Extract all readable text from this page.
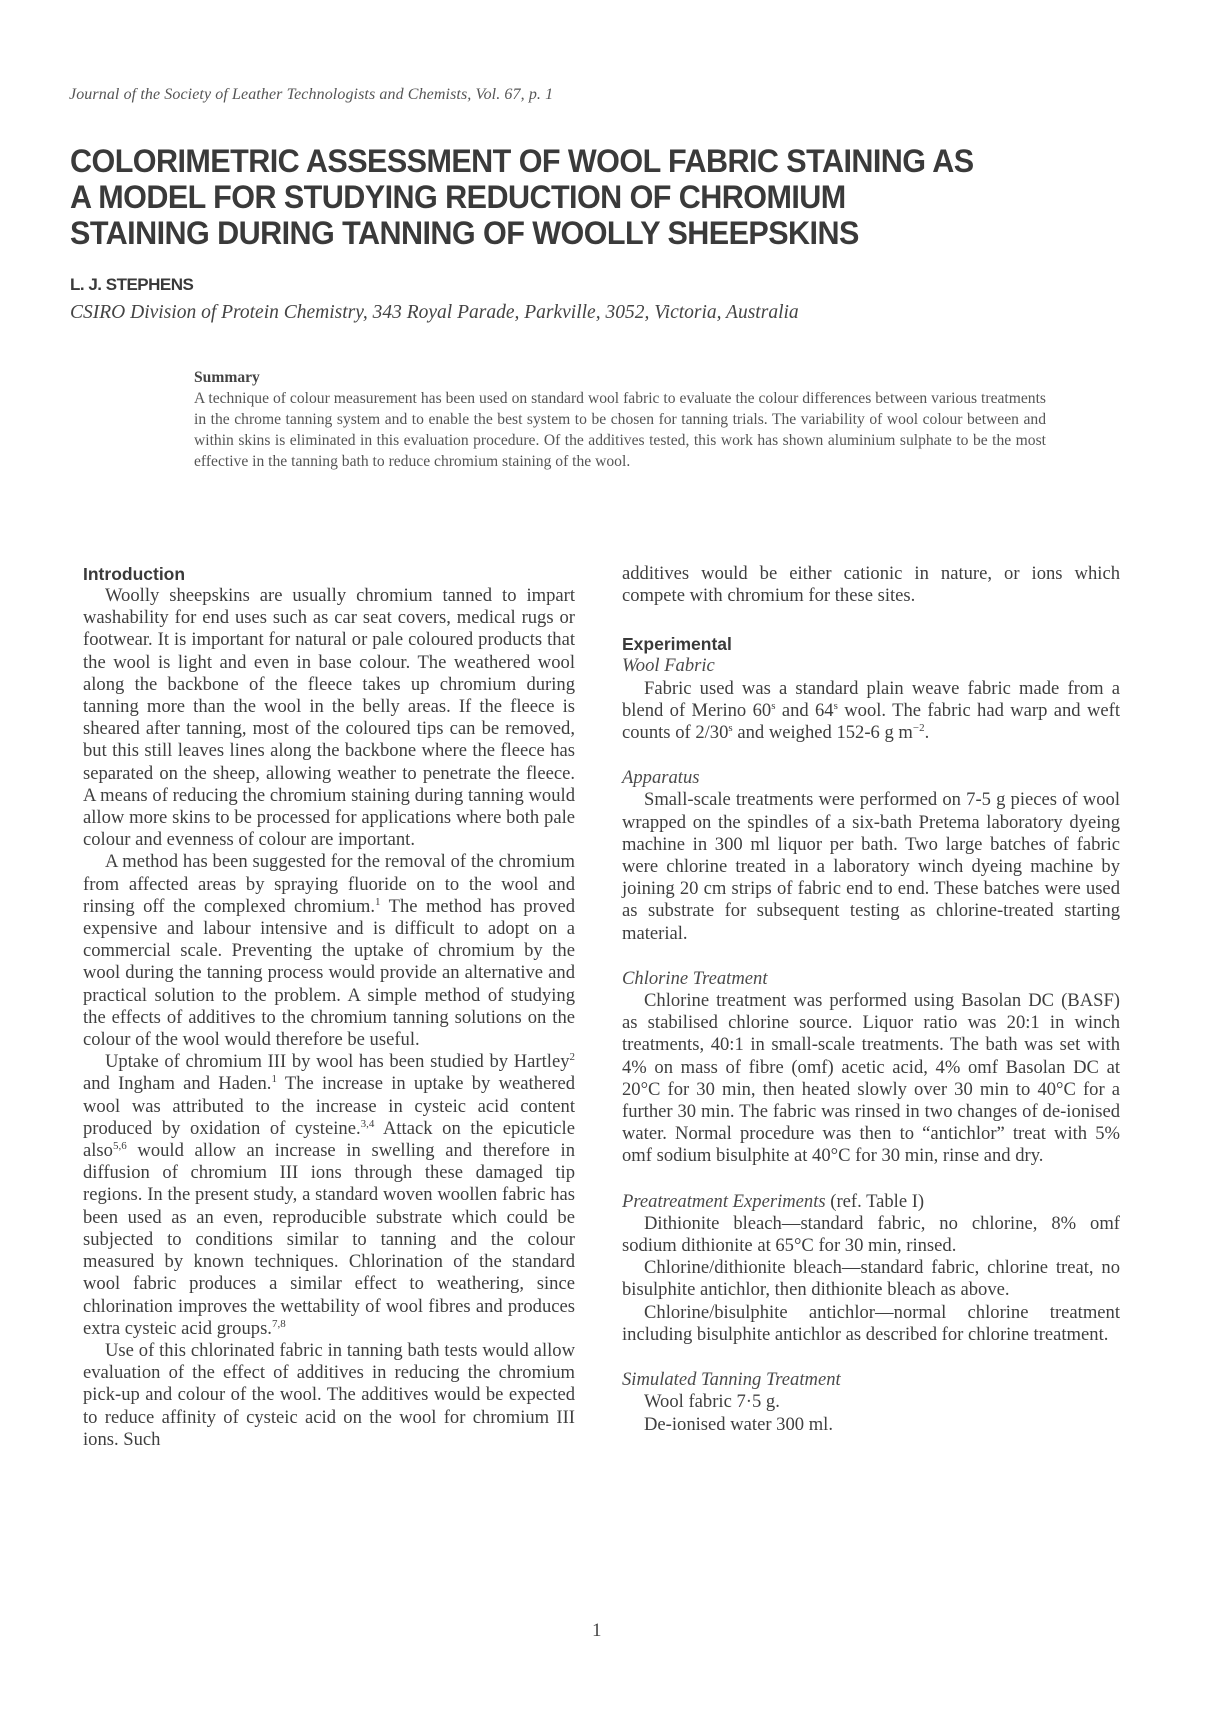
Journal of the Society of Leather Technologists and Chemists, Vol. 67, p. 1
COLORIMETRIC ASSESSMENT OF WOOL FABRIC STAINING AS
A MODEL FOR STUDYING REDUCTION OF CHROMIUM
STAINING DURING TANNING OF WOOLLY SHEEPSKINS
L. J. STEPHENS
CSIRO Division of Protein Chemistry, 343 Royal Parade, Parkville, 3052, Victoria, Australia
Summary

A technique of colour measurement has been used on standard wool fabric to evaluate the colour differences between various treatments in the chrome tanning system and to enable the best system to be chosen for tanning trials. The variability of wool colour between and within skins is eliminated in this evaluation procedure. Of the additives tested, this work has shown aluminium sulphate to be the most effective in the tanning bath to reduce chromium staining of the wool.

Introduction

Woolly sheepskins are usually chromium tanned to impart washability for end uses such as car seat covers, medical rugs or footwear. It is important for natural or pale coloured products that the wool is light and even in base colour. The weathered wool along the backbone of the fleece takes up chromium during tanning more than the wool in the belly areas. If the fleece is sheared after tanning, most of the coloured tips can be removed, but this still leaves lines along the backbone where the fleece has separated on the sheep, allowing weather to penetrate the fleece. A means of reducing the chromium staining during tanning would allow more skins to be processed for applications where both pale colour and evenness of colour are important.

A method has been suggested for the removal of the chromium from affected areas by spraying fluoride on to the wool and rinsing off the complexed chromium.$^1$ The method has proved expensive and labour intensive and is difficult to adopt on a commercial scale. Preventing the uptake of chromium by the wool during the tanning process would provide an alternative and practical solution to the problem. A simple method of studying the effects of additives to the chromium tanning solutions on the colour of the wool would therefore be useful.

Uptake of chromium III by wool has been studied by Hartley$^2$ and Ingham and Haden.$^1$ The increase in uptake by weathered wool was attributed to the increase in cysteic acid content produced by oxidation of cysteine.$^{3,4}$ Attack on the epicuticle also$^{5,6}$ would allow an increase in swelling and therefore in diffusion of chromium III ions through these damaged tip regions. In the present study, a standard woven woollen fabric has been used as an even, reproducible substrate which could be subjected to conditions similar to tanning and the colour measured by known techniques. Chlorination of the standard wool fabric produces a similar effect to weathering, since chlorination improves the wettability of wool fibres and produces extra cysteic acid groups.$^{7,8}$

Use of this chlorinated fabric in tanning bath tests would allow evaluation of the effect of additives in reducing the chromium pick-up and colour of the wool. The additives would be expected to reduce affinity of cysteic acid on the wool for chromium III ions. Such

additives would be either cationic in nature, or ions which compete with chromium for these sites.

Experimental
Wool Fabric

Fabric used was a standard plain weave fabric made from a blend of Merino 60$^s$ and 64$^s$ wool. The fabric had warp and weft counts of 2/30$^s$ and weighed 152-6 g $m^{-2}$.

Apparatus

Small-scale treatments were performed on 7-5 g pieces of wool wrapped on the spindles of a six-bath Pretema laboratory dyeing machine in 300 ml liquor per bath. Two large batches of fabric were chlorine treated in a laboratory winch dyeing machine by joining 20 cm strips of fabric end to end. These batches were used as substrate for subsequent testing as chlorine-treated starting material.

Chlorine Treatment

Chlorine treatment was performed using Basolan DC (BASF) as stabilised chlorine source. Liquor ratio was 20:1 in winch treatments, 40:1 in small-scale treatments. The bath was set with 4% on mass of fibre (omf) acetic acid, 4% omf Basolan DC at 20°C for 30 min, then heated slowly over 30 min to 40°C for a further 30 min. The fabric was rinsed in two changes of de-ionised water. Normal procedure was then to “antichlor” treat with 5% omf sodium bisulphite at 40°C for 30 min, rinse and dry.

Preatreatment Experiments (ref. Table I)

Dithionite bleach—standard fabric, no chlorine, 8% omf sodium dithionite at 65°C for 30 min, rinsed.

Chlorine/dithionite bleach—standard fabric, chlorine treat, no bisulphite antichlor, then dithionite bleach as above.

Chlorine/bisulphite antichlor—normal chlorine treatment including bisulphite antichlor as described for chlorine treatment.

Simulated Tanning Treatment

Wool fabric 7·5 g.

De-ionised water 300 ml.

1
